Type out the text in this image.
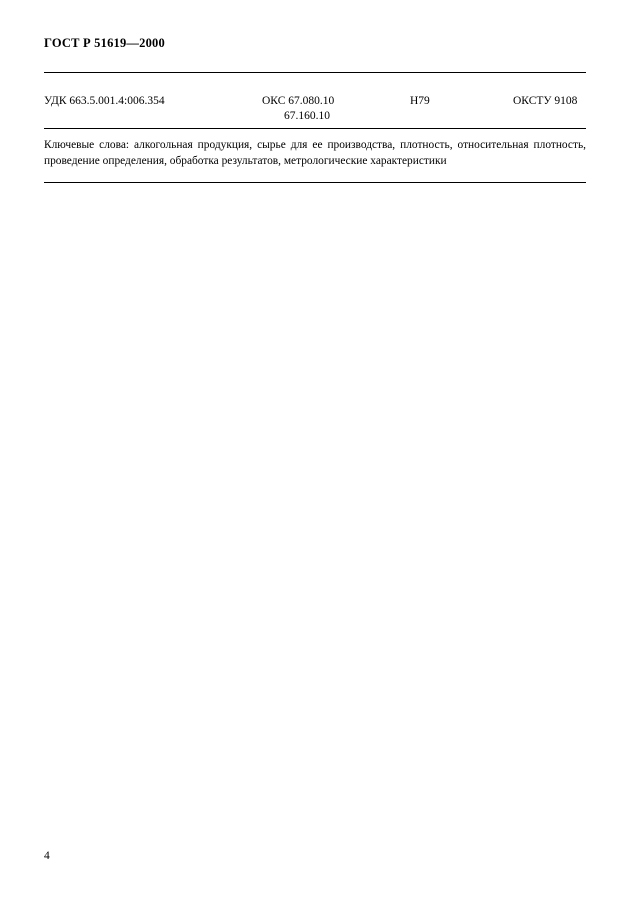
ГОСТ Р 51619—2000
УДК 663.5.001.4:006.354	ОКС 67.080.10
67.160.10
Н79	ОКСТУ 9108
Ключевые слова: алкогольная продукция, сырье для ее производства, плотность, относительная плотность, проведение определения, обработка результатов, метрологические характеристики
4
